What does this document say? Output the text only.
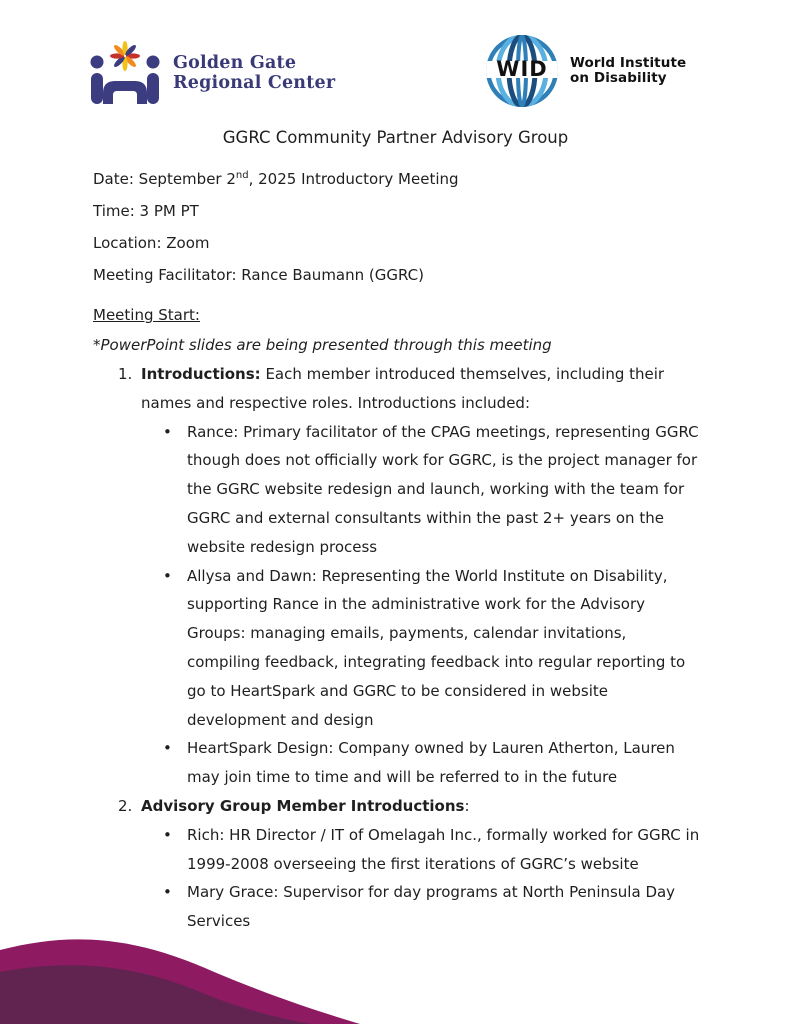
Golden Gate
Regional Center
WID World Institute
on Disability
GGRC Community Partner Advisory Group
Date: September 2nd, 2025 Introductory Meeting
Time: 3 PM PT
Location: Zoom
Meeting Facilitator: Rance Baumann (GGRC)
Meeting Start:
*PowerPoint slides are being presented through this meeting
1. Introductions: Each member introduced themselves, including their names and respective roles. Introductions included:
•	Rance: Primary facilitator of the CPAG meetings, representing GGRC though does not officially work for GGRC, is the project manager for the GGRC website redesign and launch, working with the team for GGRC and external consultants within the past 2+ years on the website redesign process
•	Allysa and Dawn: Representing the World Institute on Disability, supporting Rance in the administrative work for the Advisory Groups: managing emails, payments, calendar invitations, compiling feedback, integrating feedback into regular reporting to go to HeartSpark and GGRC to be considered in website development and design
•	HeartSpark Design: Company owned by Lauren Atherton, Lauren may join time to time and will be referred to in the future
2. Advisory Group Member Introductions:
•	Rich: HR Director / IT of Omelagah Inc., formally worked for GGRC in 1999-2008 overseeing the first iterations of GGRC’s website
•	Mary Grace: Supervisor for day programs at North Peninsula Day Services
